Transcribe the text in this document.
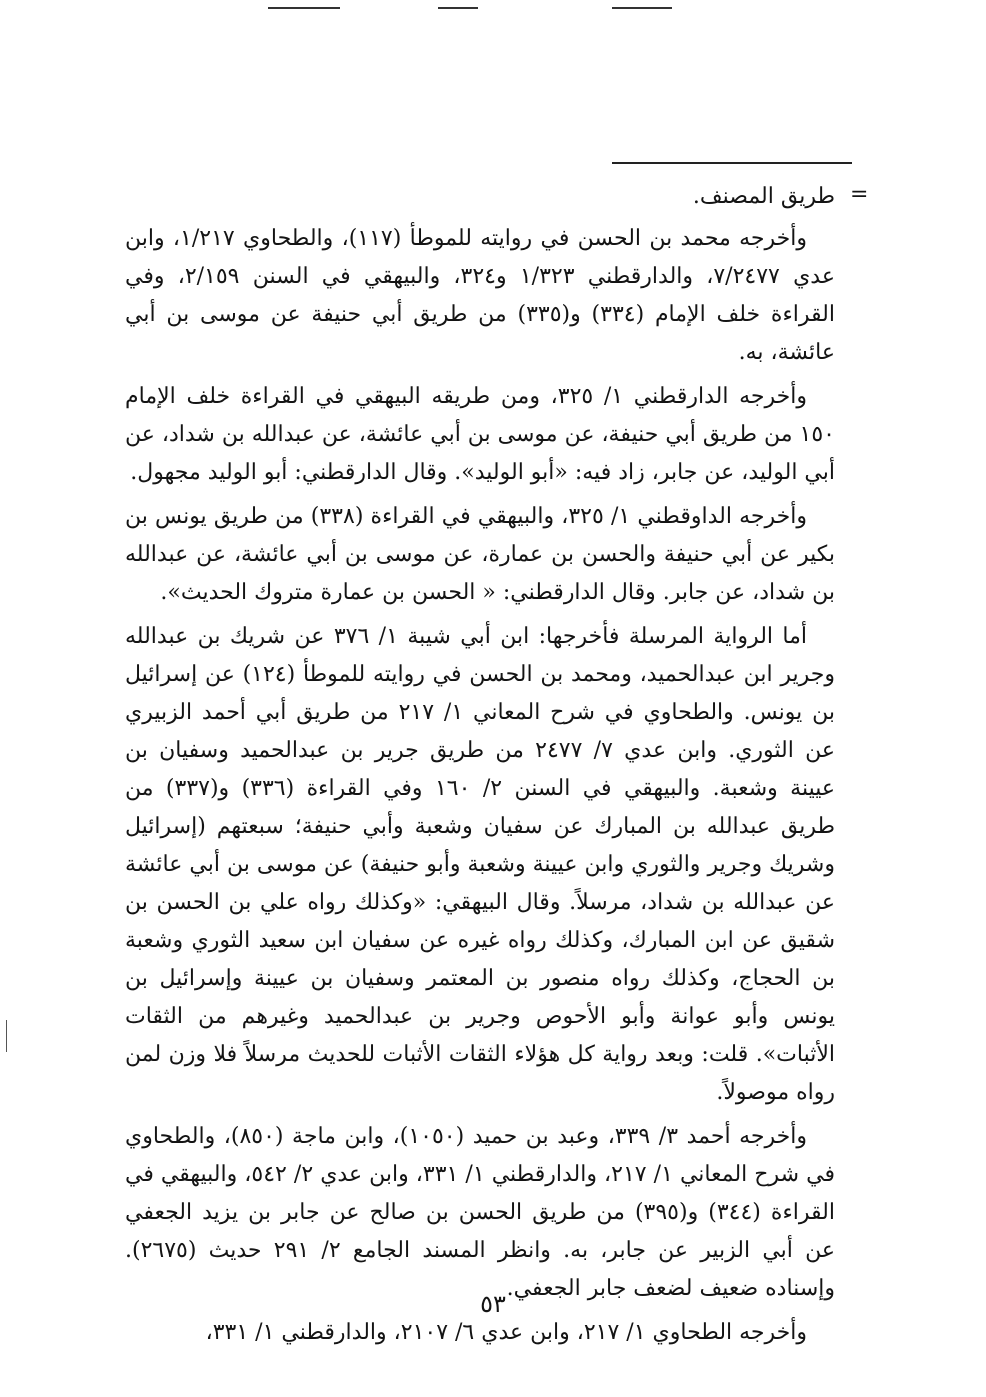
=

طريق المصنف.

وأخرجه محمد بن الحسن في روايته للموطأ (١١٧)، والطحاوي ١/٢١٧، وابن عدي ٧/٢٤٧٧، والدارقطني ١/٣٢٣ و٣٢٤، والبيهقي في السنن ٢/١٥٩، وفي القراءة خلف الإمام (٣٣٤) و(٣٣٥) من طريق أبي حنيفة عن موسى بن أبي عائشة، به.

وأخرجه الدارقطني ١/ ٣٢٥، ومن طريقه البيهقي في القراءة خلف الإمام ١٥٠ من طريق أبي حنيفة، عن موسى بن أبي عائشة، عن عبدالله بن شداد، عن أبي الوليد، عن جابر، زاد فيه: «أبو الوليد». وقال الدارقطني: أبو الوليد مجهول.

وأخرجه الداوقطني ١/ ٣٢٥، والبيهقي في القراءة (٣٣٨) من طريق يونس بن بكير عن أبي حنيفة والحسن بن عمارة، عن موسى بن أبي عائشة، عن عبدالله بن شداد، عن جابر. وقال الدارقطني: « الحسن بن عمارة متروك الحديث».

أما الرواية المرسلة فأخرجها: ابن أبي شيبة ١/ ٣٧٦ عن شريك بن عبدالله وجرير ابن عبدالحميد، ومحمد بن الحسن في روايته للموطأ (١٢٤) عن إسرائيل بن يونس. والطحاوي في شرح المعاني ١/ ٢١٧ من طريق أبي أحمد الزبيري عن الثوري. وابن عدي ٧/ ٢٤٧٧ من طريق جرير بن عبدالحميد وسفيان بن عيينة وشعبة. والبيهقي في السنن ٢/ ١٦٠ وفي القراءة (٣٣٦) و(٣٣٧) من طريق عبدالله بن المبارك عن سفيان وشعبة وأبي حنيفة؛ سبعتهم (إسرائيل وشريك وجرير والثوري وابن عيينة وشعبة وأبو حنيفة) عن موسى بن أبي عائشة عن عبدالله بن شداد، مرسلاً. وقال البيهقي: «وكذلك رواه علي بن الحسن بن شقيق عن ابن المبارك، وكذلك رواه غيره عن سفيان ابن سعيد الثوري وشعبة بن الحجاج، وكذلك رواه منصور بن المعتمر وسفيان بن عيينة وإسرائيل بن يونس وأبو عوانة وأبو الأحوص وجرير بن عبدالحميد وغيرهم من الثقات الأثبات». قلت: وبعد رواية كل هؤلاء الثقات الأثبات للحديث مرسلاً فلا وزن لمن رواه موصولاً.

وأخرجه أحمد ٣/ ٣٣٩، وعبد بن حميد (١٠٥٠)، وابن ماجة (٨٥٠)، والطحاوي في شرح المعاني ١/ ٢١٧، والدارقطني ١/ ٣٣١، وابن عدي ٢/ ٥٤٢، والبيهقي في القراءة (٣٤٤) و(٣٩٥) من طريق الحسن بن صالح عن جابر بن يزيد الجعفي عن أبي الزبير عن جابر، به. وانظر المسند الجامع ٢/ ٢٩١ حديث (٢٦٧٥). وإسناده ضعيف لضعف جابر الجعفي.

وأخرجه الطحاوي ١/ ٢١٧، وابن عدي ٦/ ٢١٠٧، والدارقطني ١/ ٣٣١،

٥٣
